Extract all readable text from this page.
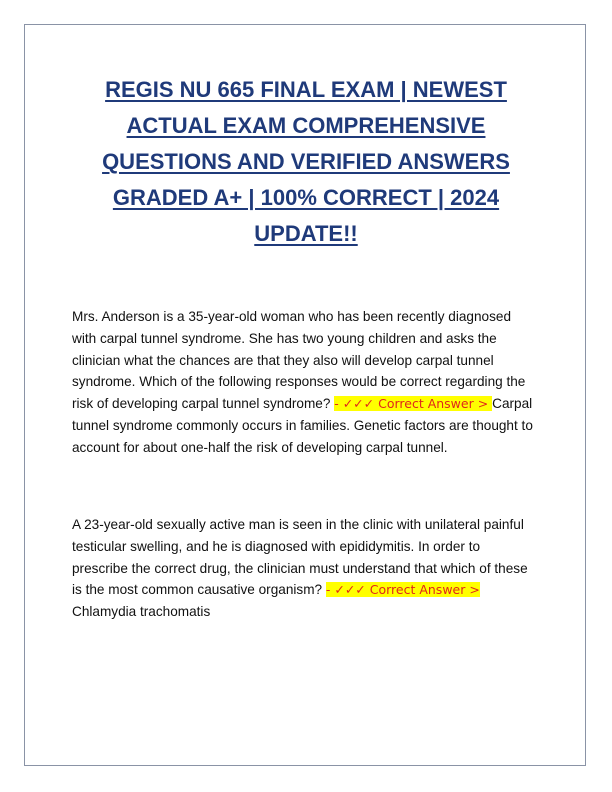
REGIS NU 665 FINAL EXAM | NEWEST ACTUAL EXAM COMPREHENSIVE QUESTIONS AND VERIFIED ANSWERS GRADED A+ | 100% CORRECT | 2024 UPDATE!!

Mrs. Anderson is a 35-year-old woman who has been recently diagnosed with carpal tunnel syndrome. She has two young children and asks the clinician what the chances are that they also will develop carpal tunnel syndrome. Which of the following responses would be correct regarding the risk of developing carpal tunnel syndrome? - ✓✓✓ Correct Answer > Carpal tunnel syndrome commonly occurs in families. Genetic factors are thought to account for about one-half the risk of developing carpal tunnel.

A 23-year-old sexually active man is seen in the clinic with unilateral painful testicular swelling, and he is diagnosed with epididymitis. In order to prescribe the correct drug, the clinician must understand that which of these is the most common causative organism? - ✓✓✓ Correct Answer > Chlamydia trachomatis
